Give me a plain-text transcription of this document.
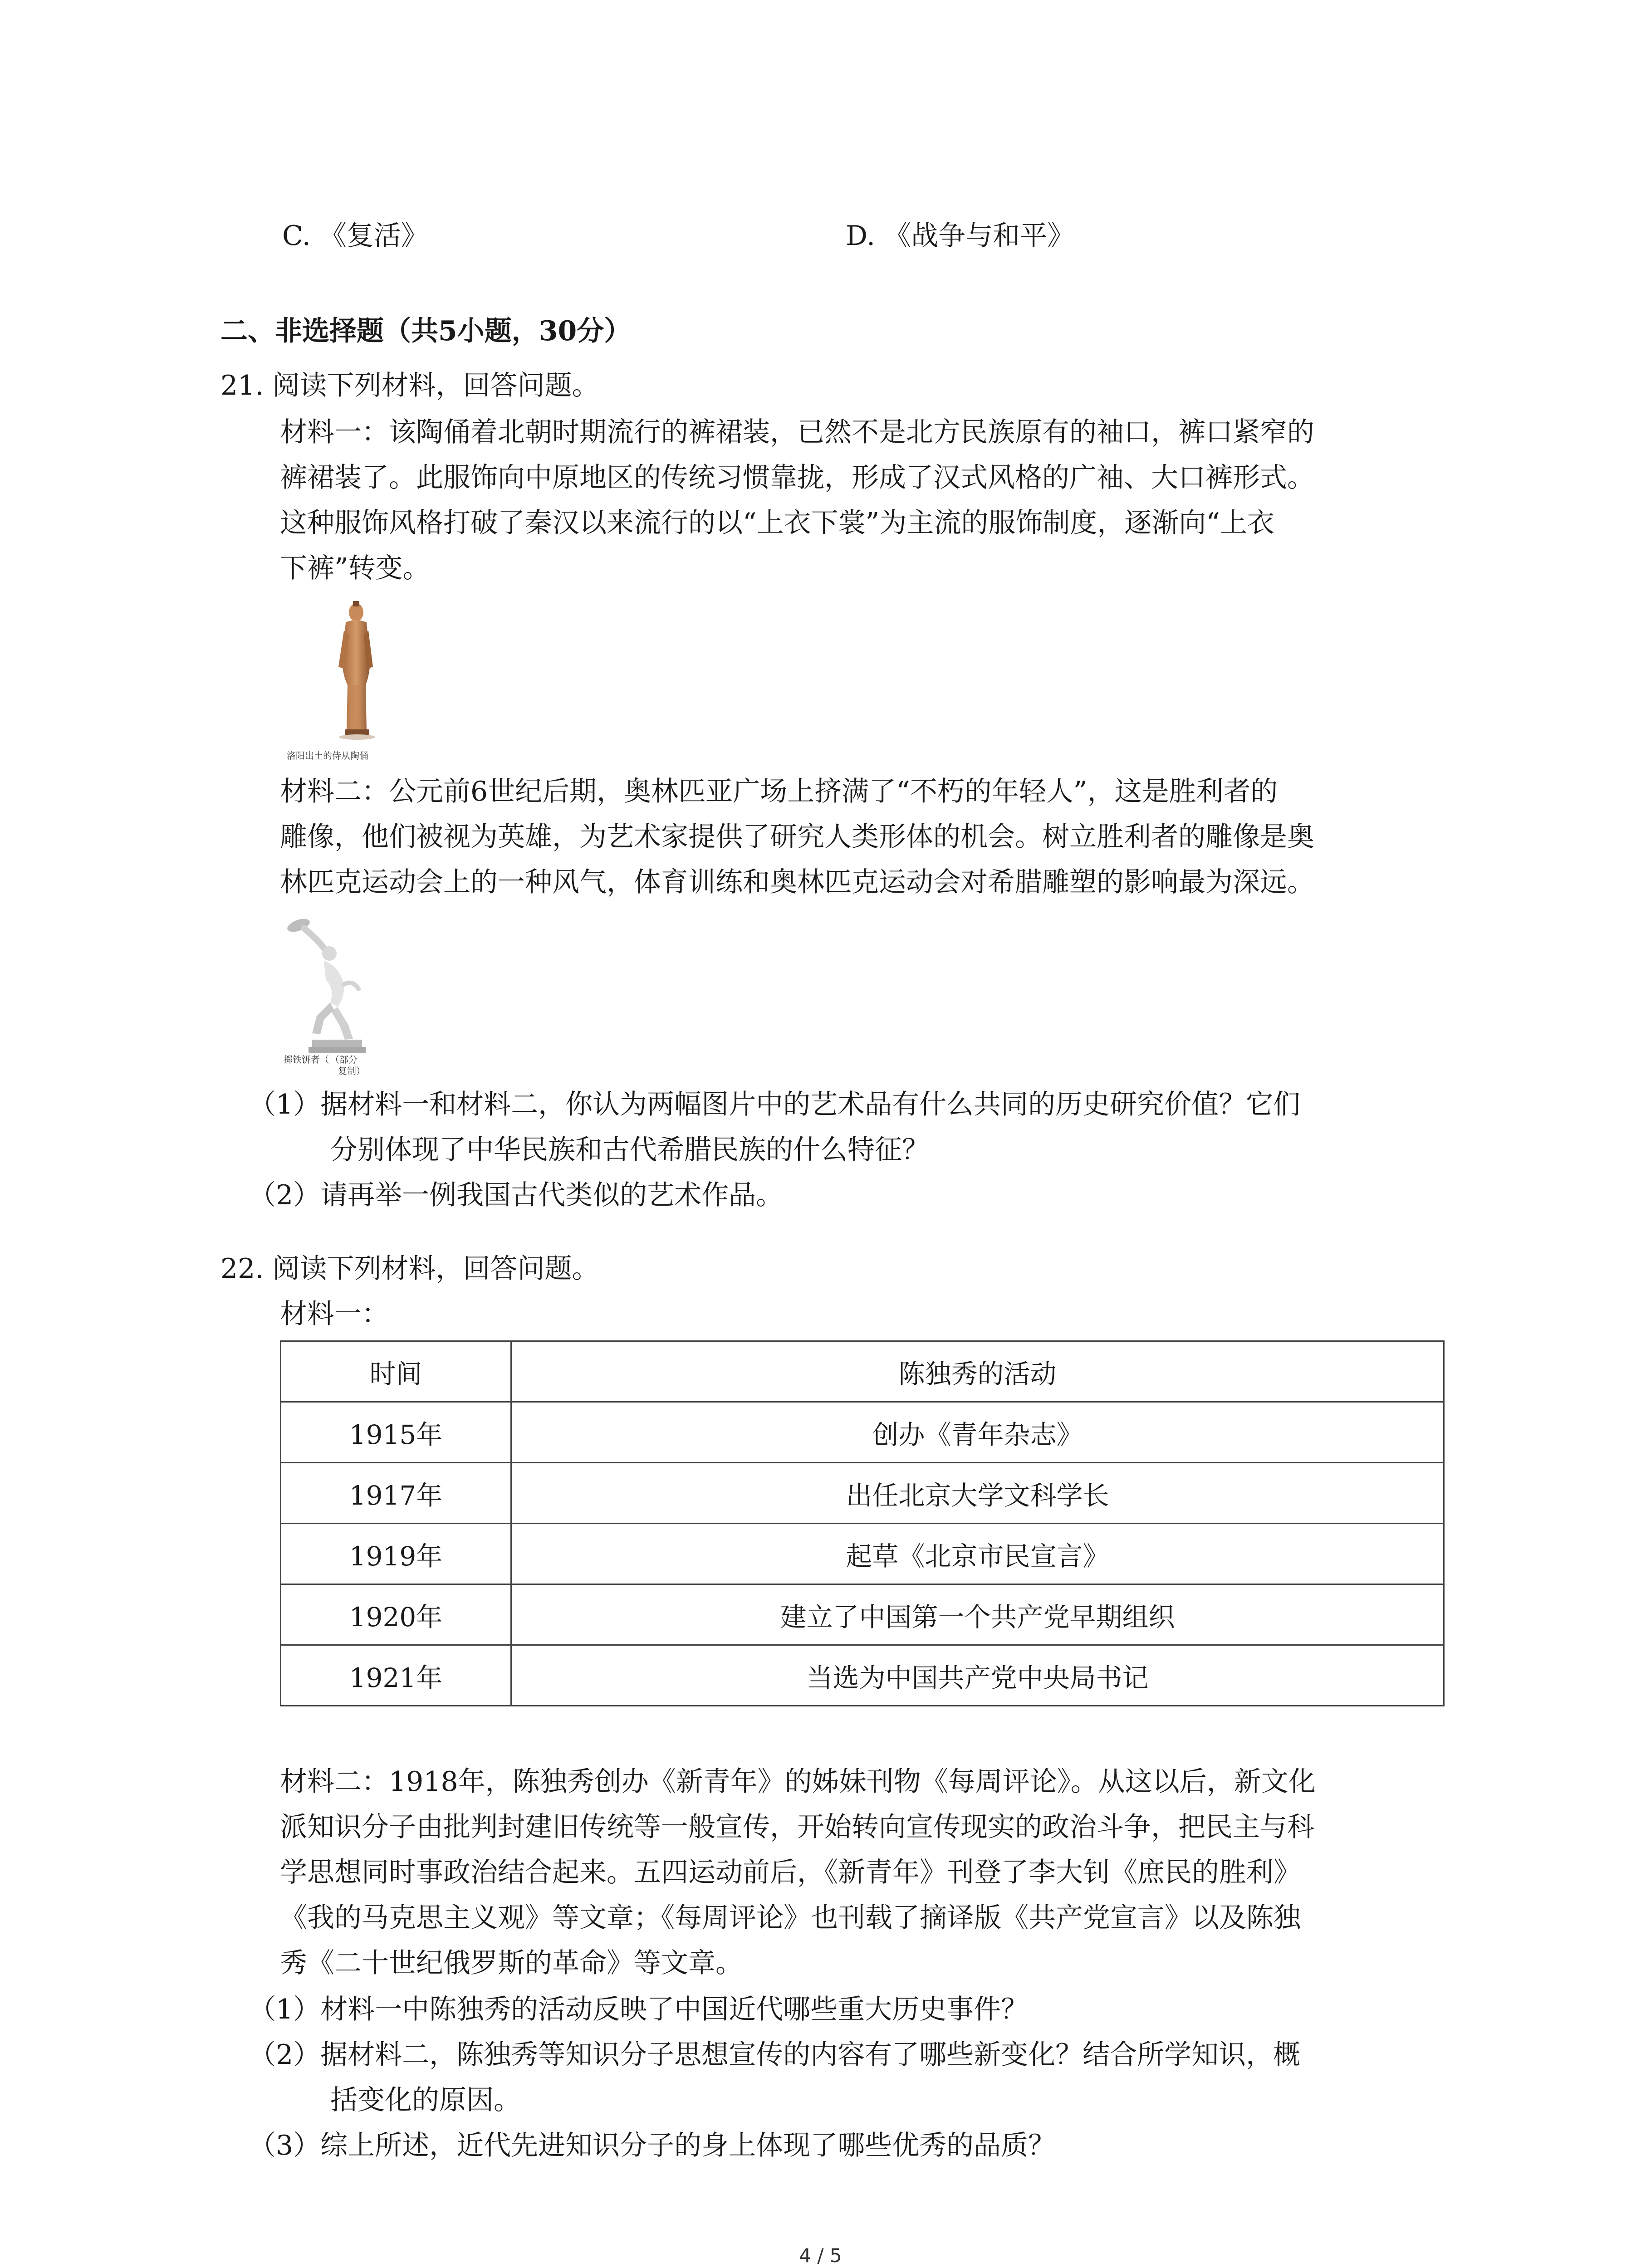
C. 《复活》	D. 《战争与和平》
二、非选择题（共5小题，30分）
21. 阅读下列材料，回答问题。
材料一：该陶俑着北朝时期流行的裤裙装，已然不是北方民族原有的袖口，裤口紧窄的
裤裙装了。此服饰向中原地区的传统习惯靠拢，形成了汉式风格的广袖、大口裤形式。
这种服饰风格打破了秦汉以来流行的以“上衣下裳”为主流的服饰制度，逐渐向“上衣
下裤”转变。
洛阳出土的侍从陶俑
材料二：公元前6世纪后期，奥林匹亚广场上挤满了“不朽的年轻人”，这是胜利者的
雕像，他们被视为英雄，为艺术家提供了研究人类形体的机会。树立胜利者的雕像是奥
林匹克运动会上的一种风气，体育训练和奥林匹克运动会对希腊雕塑的影响最为深远。
掷铁饼者（ （部分
复制）
（1）据材料一和材料二，你认为两幅图片中的艺术品有什么共同的历史研究价值？它们
分别体现了中华民族和古代希腊民族的什么特征？
（2）请再举一例我国古代类似的艺术作品。
22. 阅读下列材料，回答问题。
材料一：
时间	陈独秀的活动
1915年	创办《青年杂志》
1917年	出任北京大学文科学长
1919年	起草《北京市民宣言》
1920年	建立了中国第一个共产党早期组织
1921年	当选为中国共产党中央局书记
材料二：1918年，陈独秀创办《新青年》的姊妹刊物《每周评论》。从这以后，新文化
派知识分子由批判封建旧传统等一般宣传，开始转向宣传现实的政治斗争，把民主与科
学思想同时事政治结合起来。五四运动前后，《新青年》刊登了李大钊《庶民的胜利》
《我的马克思主义观》等文章；《每周评论》也刊载了摘译版《共产党宣言》以及陈独
秀《二十世纪俄罗斯的革命》等文章。
（1）材料一中陈独秀的活动反映了中国近代哪些重大历史事件？
（2）据材料二，陈独秀等知识分子思想宣传的内容有了哪些新变化？结合所学知识，概
括变化的原因。
（3）综上所述，近代先进知识分子的身上体现了哪些优秀的品质？
4 / 5
